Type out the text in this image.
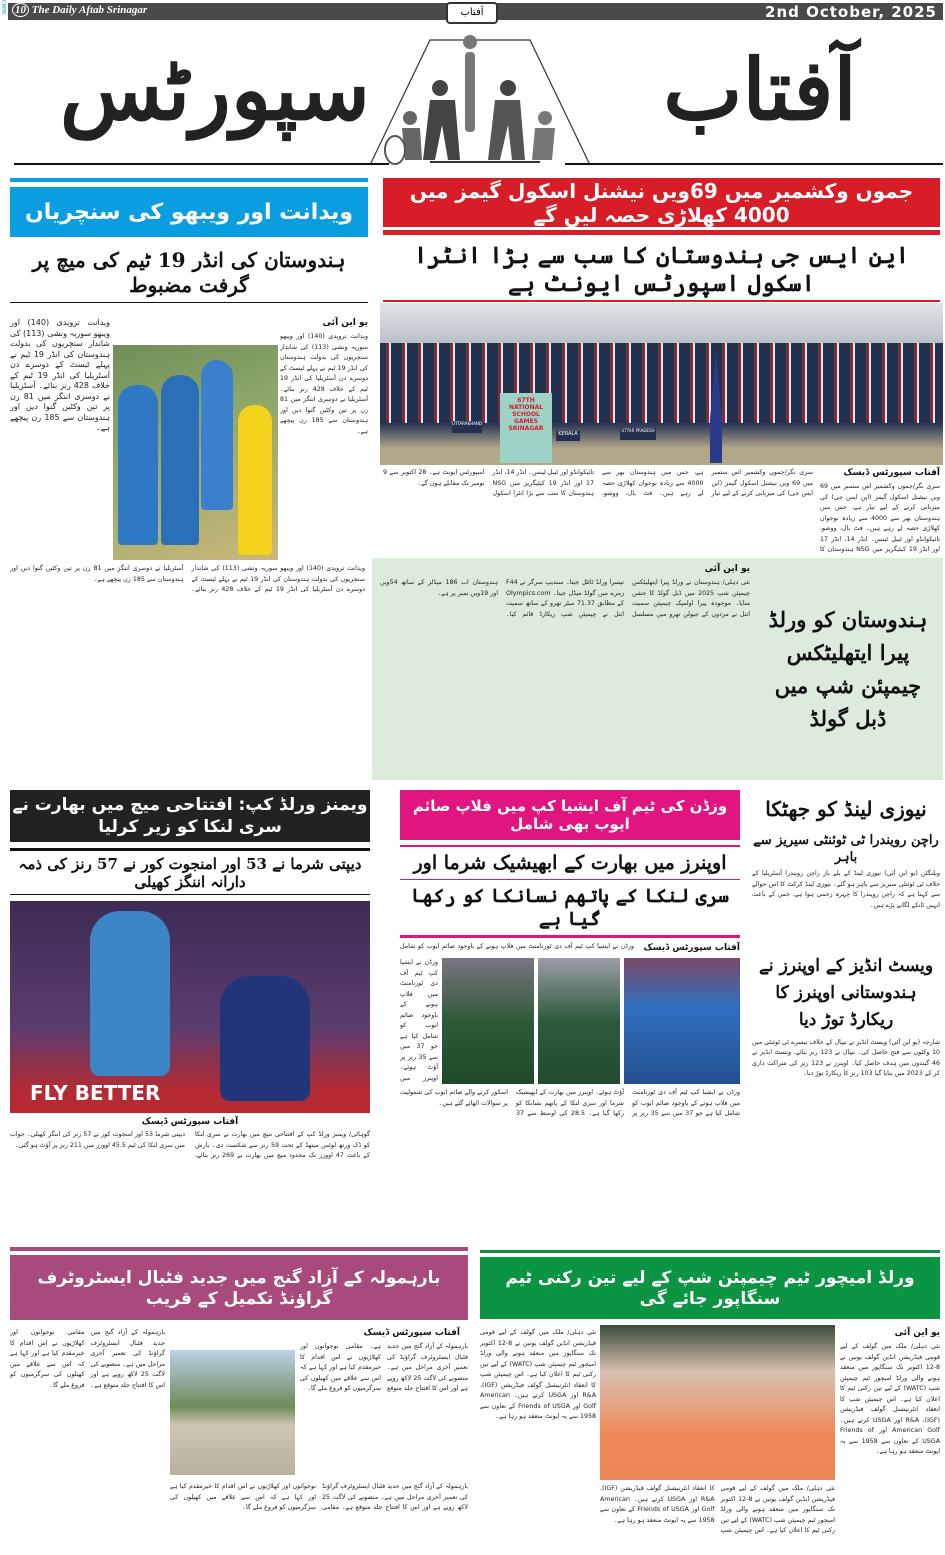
CMYK 10 The Daily Aftab Srinagar	2nd October, 2025
آفتاب
آفتاب
سپورٹس
جموں وکشمیر میں 69ویں نیشنل اسکول گیمز میں 4000 کھلاڑی حصہ لیں گے
این ایس جی ہندوستان کا سب سے بڑا انٹرا اسکول اسپورٹس ایونٹ ہے
67TH NATIONAL SCHOOL GAMES SRINAGAR
KERALA
UTTAR PRADESH
UTTARAKHAND
آفتاب سپورٹس ڈیسک
سری نگر/جموں وکشمیر اس ستمبر میں 69 ویں نیشنل اسکول گیمز (این ایس جی) کی میزبانی کرنے کے لیے تیار ہے، جس میں ہندوستان بھر سے 4000 سے زیادہ نوجوان کھلاڑی حصہ لے رہے ہیں۔ فٹ بال، ووشو، تائیکوانڈو اور ٹیبل ٹینس۔ انڈر 14، انڈر 17 اور انڈر 19 کیٹیگریز میں NSG ہندوستان کا سب سے بڑا انٹرا اسکول اسپورٹس ایونٹ ہے۔ 28 اکتوبر سے 9 نومبر تک مقابلے ہوں گے۔	سری نگر/جموں وکشمیر اس ستمبر میں 69 ویں نیشنل اسکول گیمز (این ایس جی) کی میزبانی کرنے کے لیے تیار ہے، جس میں ہندوستان بھر سے 4000 سے زیادہ نوجوان کھلاڑی حصہ لے رہے ہیں۔ فٹ بال، ووشو، تائیکوانڈو اور ٹیبل ٹینس۔ انڈر 14، انڈر 17 اور انڈر 19 کیٹیگریز میں NSG ہندوستان کا
ویدانت اور ویبھو کی سنچریاں
ہندوستان کی انڈر 19 ٹیم کی میچ پر گرفت مضبوط
یو این آئی
ویدانت ترویدی (140) اور ویبھو سوریہ ونشی (113) کی شاندار سنچریوں کی بدولت ہندوستان کی انڈر 19 ٹیم نے پہلے ٹیسٹ کے دوسرے دن آسٹریلیا کی انڈر 19 ٹیم کے خلاف 428 رنز بنائے۔ آسٹریلیا نے دوسری اننگز میں 81 رن پر تین وکٹیں گنوا دیں اور ہندوستان سے 185 رن پیچھے ہے۔
ویدانت ترویدی (140) اور ویبھو سوریہ ونشی (113) کی شاندار سنچریوں کی بدولت ہندوستان کی انڈر 19 ٹیم نے پہلے ٹیسٹ کے دوسرے دن آسٹریلیا کی انڈر 19 ٹیم کے خلاف 428 رنز بنائے۔ آسٹریلیا نے دوسری اننگز میں 81 رن پر تین وکٹیں گنوا دیں اور ہندوستان سے 185 رن پیچھے ہے۔
ویدانت ترویدی (140) اور ویبھو سوریہ ونشی (113) کی شاندار سنچریوں کی بدولت ہندوستان کی انڈر 19 ٹیم نے پہلے ٹیسٹ کے دوسرے دن آسٹریلیا کی انڈر 19 ٹیم کے خلاف 428 رنز بنائے۔ آسٹریلیا نے دوسری اننگز میں 81 رن پر تین وکٹیں گنوا دیں اور ہندوستان سے 185 رن پیچھے ہے۔
ہندوستان کو ورلڈ پیرا ایتھلیٹکس چیمپئن شپ میں ڈبل گولڈ
یو این آئی
نئی دہلی/ ہندوستان نے ورلڈ پیرا ایتھلیٹکس چیمپئن شپ 2025 میں ڈبل گولڈ کا جشن منایا۔ موجودہ پیرا اولمپک چیمپئن سمیت انتل نے مردوں کے جیولن تھرو میں مسلسل تیسرا ورلڈ ٹائٹل جیتا۔ سندیپ سرگر نے F44 زمرے میں گولڈ میڈل جیتا۔ Olympics.com کے مطابق 71.37 میٹر تھرو کے ساتھ سمیت انتل نے چیمپئن شپ ریکارڈ قائم کیا۔ ہندوستان اب 186 میڈلز کے ساتھ 54ویں اور 19ویں نمبر پر ہے۔
ویمنز ورلڈ کپ: افتتاحی میچ میں بھارت نے سری لنکا کو زیر کرلیا
دیپتی شرما نے 53 اور امنجوت کور نے 57 رنز کی ذمہ دارانہ اننگز کھیلی
FLY BETTER
آفتاب سپورٹس ڈیسک
گوہاٹی/ ویمنز ورلڈ کپ کے افتتاحی میچ میں بھارت نے سری لنکا کو ڈک ورتھ لوئس میتھڈ کے تحت 59 رنز سے شکست دی۔ بارش کے باعث 47 اوورز تک محدود میچ میں بھارت نے 269 رنز بنائے، دیپتی شرما 53 اور امنجوت کور نے 57 رنز کی اننگز کھیلی۔ جواب میں سری لنکا کی ٹیم 45.5 اوورز میں 211 رنز پر آؤٹ ہو گئی۔
وزڈن کی ٹیم آف ایشیا کپ میں فلاپ صائم ایوب بھی شامل
اوپنرز میں بھارت کے ابھیشیک شرما اور
سری لنکا کے پاتھم نسانکا کو رکھا گیا ہے
آفتاب سپورٹس ڈیسک
وزڈن نے ایشیا کپ ٹیم آف دی ٹورنامنٹ میں فلاپ ہونے کے باوجود صائم ایوب کو شامل
وزڈن نے ایشیا کپ ٹیم آف دی ٹورنامنٹ میں فلاپ ہونے کے باوجود صائم ایوب کو شامل کیا ہے جو 37 میں سے 35 رنز پر آؤٹ ہوئے۔ اوپنرز میں
وزڈن نے ایشیا کپ ٹیم آف دی ٹورنامنٹ میں فلاپ ہونے کے باوجود صائم ایوب کو شامل کیا ہے جو 37 میں سے 35 رنز پر آؤٹ ہوئے۔ اوپنرز میں بھارت کے ابھیشیک شرما اور سری لنکا کے پاتھم نسانکا کو رکھا گیا ہے۔ 28.5 کی اوسط سے 37 اسکور کرنے والے صائم ایوب کی شمولیت پر سوالات اٹھائے گئے ہیں۔
نیوزی لینڈ کو جھٹکا
راچن رویندرا ٹی ٹوئنٹی سیریز سے باہر
ویلنگٹن (یو این آئی) نیوزی لینڈ کے بلے باز راچن رویندرا آسٹریلیا کے خلاف ٹی ٹوئنٹی سیریز سے باہر ہو گئے۔ نیوزی لینڈ کرکٹ کا اس حوالے سے کہنا ہے کہ راچن رویندرا کا چہرہ زخمی ہوا ہے، جس کے باعث انہیں ٹانکے لگانے پڑے ہیں۔
ویسٹ انڈیز کے اوپنرز نے ہندوستانی اوپنرز کا ریکارڈ توڑ دیا
شارجہ (یو این آئی) ویسٹ انڈیز نے نیپال کے خلاف تیسرے ٹی ٹوئنٹی میں 10 وکٹوں سے فتح حاصل کی۔ نیپال نے 123 رنز بنائے، ویسٹ انڈیز نے 46 گیندوں میں ہدف حاصل کیا۔ اوپنرز نے 123 رنز کی شراکت داری کر کے 2023 میں بنایا گیا 103 رنز کا ریکارڈ توڑ دیا۔
بارہمولہ کے آزاد گنج میں جدید فٹبال ایسٹروٹرف گراؤنڈ تکمیل کے قریب
آفتاب سپورٹس ڈیسک
بارہمولہ کے آزاد گنج میں جدید فٹبال ایسٹروٹرف گراؤنڈ کی تعمیر آخری مراحل میں ہے۔ منصوبے کی لاگت 25 لاکھ روپے ہے اور اس کا افتتاح جلد متوقع ہے۔ مقامی نوجوانوں اور کھلاڑیوں نے اس اقدام کا خیرمقدم کیا ہے اور کہا ہے کہ اس سے علاقے میں کھیلوں کی سرگرمیوں کو فروغ ملے گا۔
بارہمولہ کے آزاد گنج میں جدید فٹبال ایسٹروٹرف گراؤنڈ کی تعمیر آخری مراحل میں ہے۔ منصوبے کی لاگت 25 لاکھ روپے ہے اور اس کا افتتاح جلد متوقع ہے۔ مقامی نوجوانوں اور کھلاڑیوں نے اس اقدام کا خیرمقدم کیا ہے اور کہا ہے کہ اس سے علاقے میں کھیلوں کی سرگرمیوں کو فروغ ملے گا۔
بارہمولہ کے آزاد گنج میں جدید فٹبال ایسٹروٹرف گراؤنڈ کی تعمیر آخری مراحل میں ہے۔ منصوبے کی لاگت 25 لاکھ روپے ہے اور اس کا افتتاح جلد متوقع ہے۔ مقامی نوجوانوں اور کھلاڑیوں نے اس اقدام کا خیرمقدم کیا ہے اور کہا ہے کہ اس سے علاقے میں کھیلوں کی سرگرمیوں کو فروغ ملے گا۔
ورلڈ امیچور ٹیم چیمپئن شپ کے لیے تین رکنی ٹیم سنگاپور جائے گی
یو این آئی
نئی دہلی/ ملک میں گولف کے لیے قومی فیڈریشن انڈین گولف یونین نے 8-12 اکتوبر تک سنگاپور میں منعقد ہونے والی ورلڈ امیچور ٹیم چیمپئن شپ (WATC) کے لیے تین رکنی ٹیم کا اعلان کیا ہے۔ اس چیمپئن شپ کا انعقاد انٹرنیشنل گولف فیڈریشن (IGF)، R&A اور USGA کرتے ہیں۔ American Golf اور Friends of USGA کے تعاون سے 1958 سے یہ ایونٹ منعقد ہو رہا ہے۔
نئی دہلی/ ملک میں گولف کے لیے قومی فیڈریشن انڈین گولف یونین نے 8-12 اکتوبر تک سنگاپور میں منعقد ہونے والی ورلڈ امیچور ٹیم چیمپئن شپ (WATC) کے لیے تین رکنی ٹیم کا اعلان کیا ہے۔ اس چیمپئن شپ کا انعقاد انٹرنیشنل گولف فیڈریشن (IGF)، R&A اور USGA کرتے ہیں۔ American Golf اور Friends of USGA کے تعاون سے 1958 سے یہ ایونٹ منعقد ہو رہا ہے۔
نئی دہلی/ ملک میں گولف کے لیے قومی فیڈریشن انڈین گولف یونین نے 8-12 اکتوبر تک سنگاپور میں منعقد ہونے والی ورلڈ امیچور ٹیم چیمپئن شپ (WATC) کے لیے تین رکنی ٹیم کا اعلان کیا ہے۔ اس چیمپئن شپ کا انعقاد انٹرنیشنل گولف فیڈریشن (IGF)، R&A اور USGA کرتے ہیں۔ American Golf اور Friends of USGA کے تعاون سے 1958 سے یہ ایونٹ منعقد ہو رہا ہے۔
